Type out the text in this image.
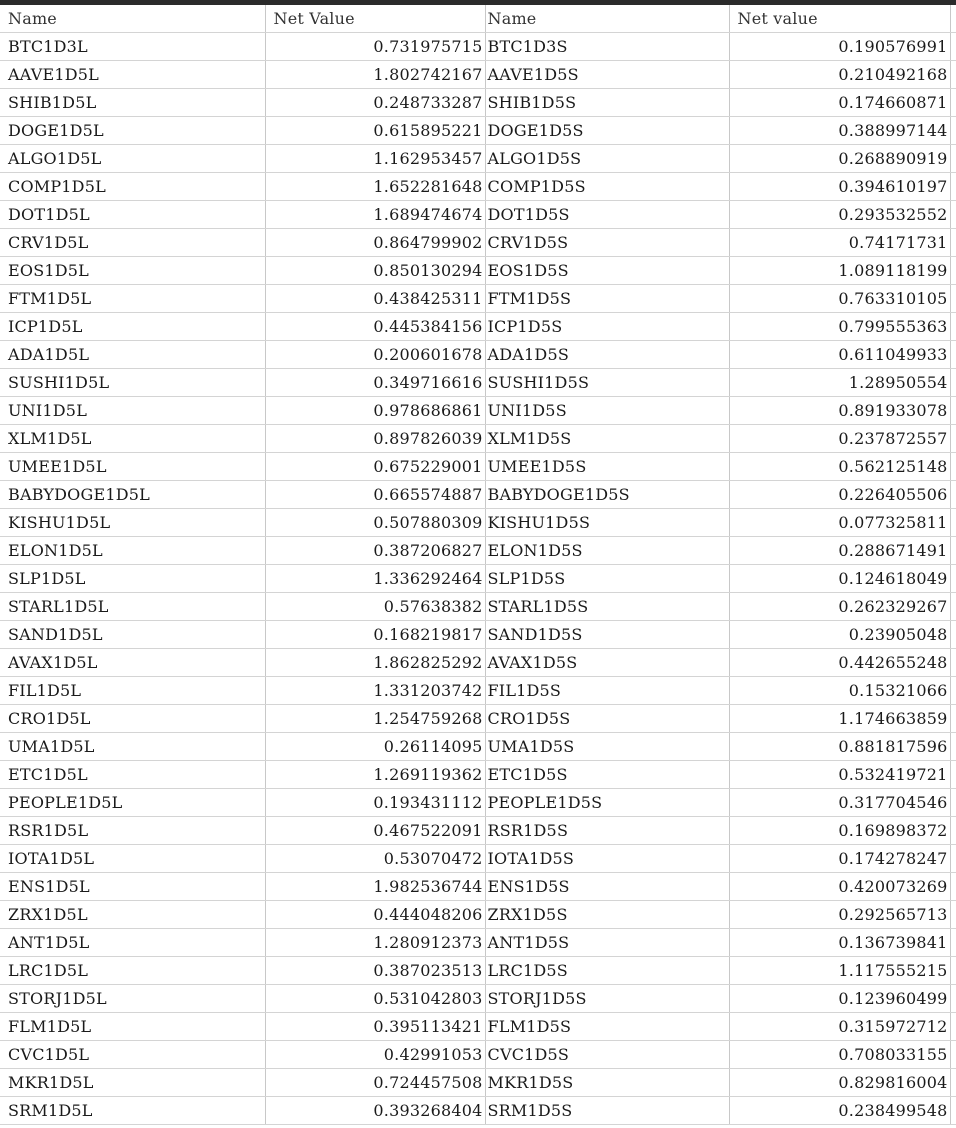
Name	Net Value	Name	Net value	
BTC1D3L	0.731975715	BTC1D3S	0.190576991	
AAVE1D5L	1.802742167	AAVE1D5S	0.210492168	
SHIB1D5L	0.248733287	SHIB1D5S	0.174660871	
DOGE1D5L	0.615895221	DOGE1D5S	0.388997144	
ALGO1D5L	1.162953457	ALGO1D5S	0.268890919	
COMP1D5L	1.652281648	COMP1D5S	0.394610197	
DOT1D5L	1.689474674	DOT1D5S	0.293532552	
CRV1D5L	0.864799902	CRV1D5S	0.74171731	
EOS1D5L	0.850130294	EOS1D5S	1.089118199	
FTM1D5L	0.438425311	FTM1D5S	0.763310105	
ICP1D5L	0.445384156	ICP1D5S	0.799555363	
ADA1D5L	0.200601678	ADA1D5S	0.611049933	
SUSHI1D5L	0.349716616	SUSHI1D5S	1.28950554	
UNI1D5L	0.978686861	UNI1D5S	0.891933078	
XLM1D5L	0.897826039	XLM1D5S	0.237872557	
UMEE1D5L	0.675229001	UMEE1D5S	0.562125148	
BABYDOGE1D5L	0.665574887	BABYDOGE1D5S	0.226405506	
KISHU1D5L	0.507880309	KISHU1D5S	0.077325811	
ELON1D5L	0.387206827	ELON1D5S	0.288671491	
SLP1D5L	1.336292464	SLP1D5S	0.124618049	
STARL1D5L	0.57638382	STARL1D5S	0.262329267	
SAND1D5L	0.168219817	SAND1D5S	0.23905048	
AVAX1D5L	1.862825292	AVAX1D5S	0.442655248	
FIL1D5L	1.331203742	FIL1D5S	0.15321066	
CRO1D5L	1.254759268	CRO1D5S	1.174663859	
UMA1D5L	0.26114095	UMA1D5S	0.881817596	
ETC1D5L	1.269119362	ETC1D5S	0.532419721	
PEOPLE1D5L	0.193431112	PEOPLE1D5S	0.317704546	
RSR1D5L	0.467522091	RSR1D5S	0.169898372	
IOTA1D5L	0.53070472	IOTA1D5S	0.174278247	
ENS1D5L	1.982536744	ENS1D5S	0.420073269	
ZRX1D5L	0.444048206	ZRX1D5S	0.292565713	
ANT1D5L	1.280912373	ANT1D5S	0.136739841	
LRC1D5L	0.387023513	LRC1D5S	1.117555215	
STORJ1D5L	0.531042803	STORJ1D5S	0.123960499	
FLM1D5L	0.395113421	FLM1D5S	0.315972712	
CVC1D5L	0.42991053	CVC1D5S	0.708033155	
MKR1D5L	0.724457508	MKR1D5S	0.829816004	
SRM1D5L	0.393268404	SRM1D5S	0.238499548	
